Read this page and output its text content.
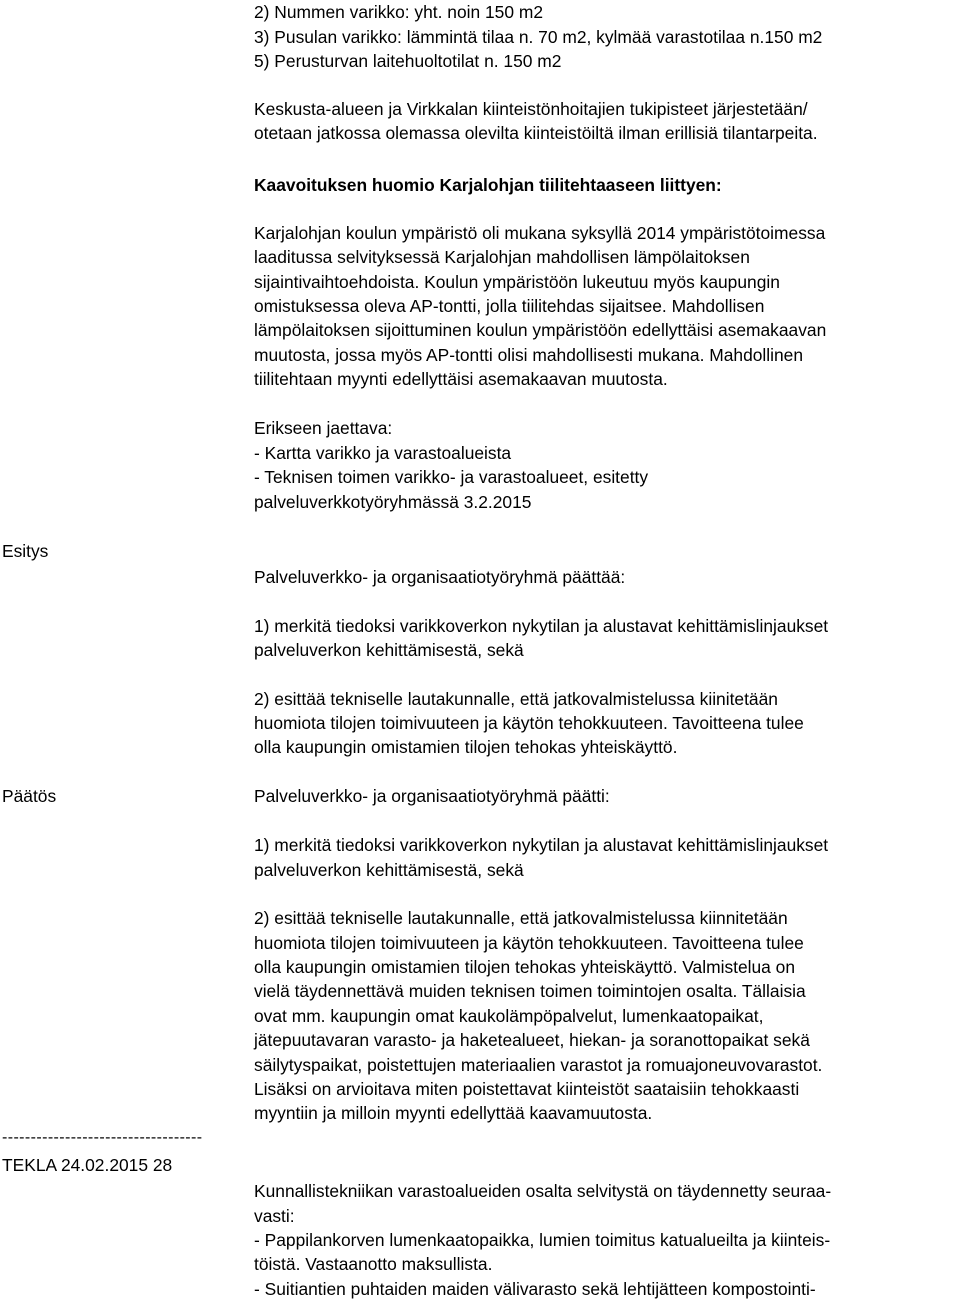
2) Nummen varikko: yht. noin 150 m2
3) Pusulan varikko: lämmintä tilaa n. 70 m2, kylmää varastotilaa n.150 m2
5) Perusturvan laitehuoltotilat n. 150 m2
Keskusta-alueen ja Virkkalan kiinteistönhoitajien tukipisteet järjestetään/
otetaan jatkossa olemassa olevilta kiinteistöiltä ilman erillisiä tilantarpeita.
Kaavoituksen huomio Karjalohjan tiilitehtaaseen liittyen:
Karjalohjan koulun ympäristö oli mukana syksyllä 2014 ympäristötoimessa
laaditussa selvityksessä Karjalohjan mahdollisen lämpölaitoksen
sijaintivaihtoehdoista. Koulun ympäristöön lukeutuu myös kaupungin
omistuksessa oleva AP-tontti, jolla tiilitehdas sijaitsee. Mahdollisen
lämpölaitoksen sijoittuminen koulun ympäristöön edellyttäisi asemakaavan
muutosta, jossa myös AP-tontti olisi mahdollisesti mukana. Mahdollinen
tiilitehtaan myynti edellyttäisi asemakaavan muutosta.
Erikseen jaettava:
- Kartta varikko ja varastoalueista
- Teknisen toimen varikko- ja varastoalueet, esitetty
palveluverkkotyöryhmässä 3.2.2015
Esitys
Palveluverkko- ja organisaatiotyöryhmä päättää:
1) merkitä tiedoksi varikkoverkon nykytilan ja alustavat kehittämislinjaukset
palveluverkon kehittämisestä, sekä
2) esittää tekniselle lautakunnalle, että jatkovalmistelussa kiinitetään
huomiota tilojen toimivuuteen ja käytön tehokkuuteen. Tavoitteena tulee
olla kaupungin omistamien tilojen tehokas yhteiskäyttö.
Päätös	Palveluverkko- ja organisaatiotyöryhmä päätti:
1) merkitä tiedoksi varikkoverkon nykytilan ja alustavat kehittämislinjaukset
palveluverkon kehittämisestä, sekä
2) esittää tekniselle lautakunnalle, että jatkovalmistelussa kiinnitetään
huomiota tilojen toimivuuteen ja käytön tehokkuuteen. Tavoitteena tulee
olla kaupungin omistamien tilojen tehokas yhteiskäyttö. Valmistelua on
vielä täydennettävä muiden teknisen toimen toimintojen osalta. Tällaisia
ovat mm. kaupungin omat kaukolämpöpalvelut, lumenkaatopaikat,
jätepuutavaran varasto- ja haketealueet, hiekan- ja soranottopaikat sekä
säilytyspaikat, poistettujen materiaalien varastot ja romuajoneuvovarastot.
Lisäksi on arvioitava miten poistettavat kiinteistöt saataisiin tehokkaasti
myyntiin ja milloin myynti edellyttää kaavamuutosta.
-----------------------------------
TEKLA 24.02.2015 28
Kunnallistekniikan varastoalueiden osalta selvitystä on täydennetty seuraa-
vasti:
- Pappilankorven lumenkaatopaikka, lumien toimitus katualueilta ja kiinteis-
töistä. Vastaanotto maksullista.
- Suitiantien puhtaiden maiden välivarasto sekä lehtijätteen kompostointi-
